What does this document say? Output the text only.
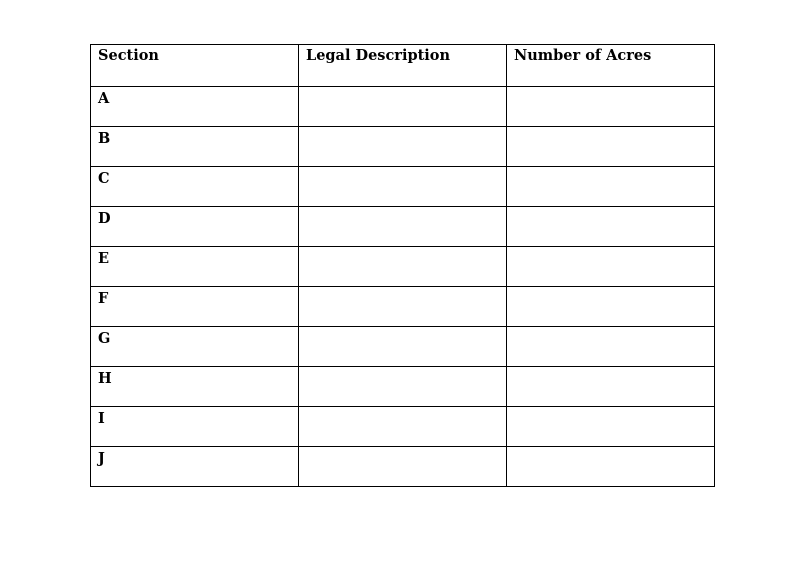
Section	Legal Description	Number of Acres
A		
B		
C		
D		
E		
F		
G		
H		
I		
J		
